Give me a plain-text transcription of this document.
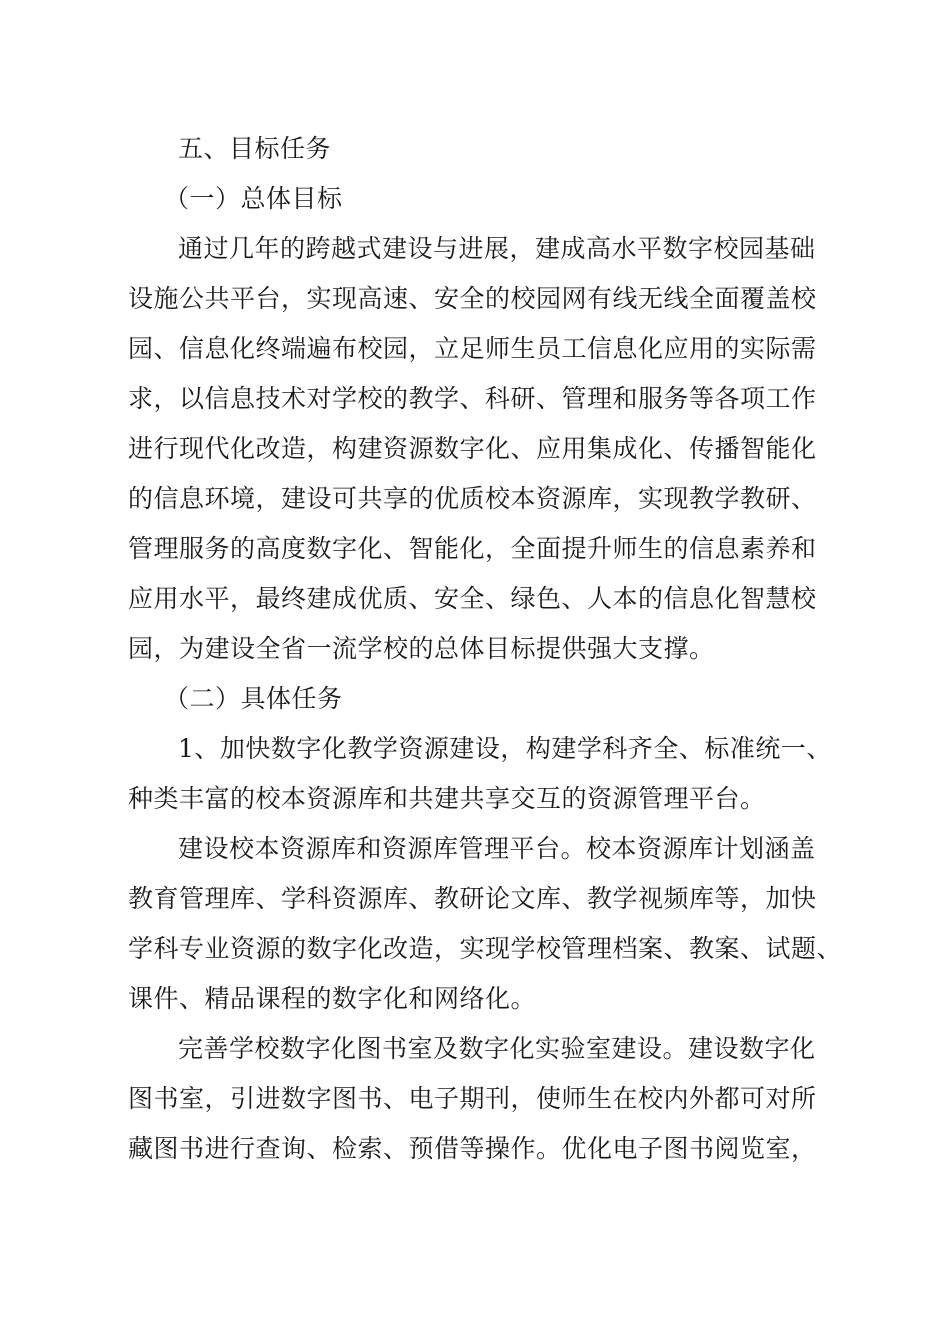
五、目标任务
（一）总体目标
通过几年的跨越式建设与进展，建成高水平数字校园基础
设施公共平台，实现高速、安全的校园网有线无线全面覆盖校
园、信息化终端遍布校园，立足师生员工信息化应用的实际需
求，以信息技术对学校的教学、科研、管理和服务等各项工作
进行现代化改造，构建资源数字化、应用集成化、传播智能化
的信息环境，建设可共享的优质校本资源库，实现教学教研、
管理服务的高度数字化、智能化，全面提升师生的信息素养和
应用水平，最终建成优质、安全、绿色、人本的信息化智慧校
园，为建设全省一流学校的总体目标提供强大支撑。
（二）具体任务
1、加快数字化教学资源建设，构建学科齐全、标准统一、
种类丰富的校本资源库和共建共享交互的资源管理平台。
建设校本资源库和资源库管理平台。校本资源库计划涵盖
教育管理库、学科资源库、教研论文库、教学视频库等，加快
学科专业资源的数字化改造，实现学校管理档案、教案、试题、
课件、精品课程的数字化和网络化。
完善学校数字化图书室及数字化实验室建设。建设数字化
图书室，引进数字图书、电子期刊，使师生在校内外都可对所
藏图书进行查询、检索、预借等操作。优化电子图书阅览室，
